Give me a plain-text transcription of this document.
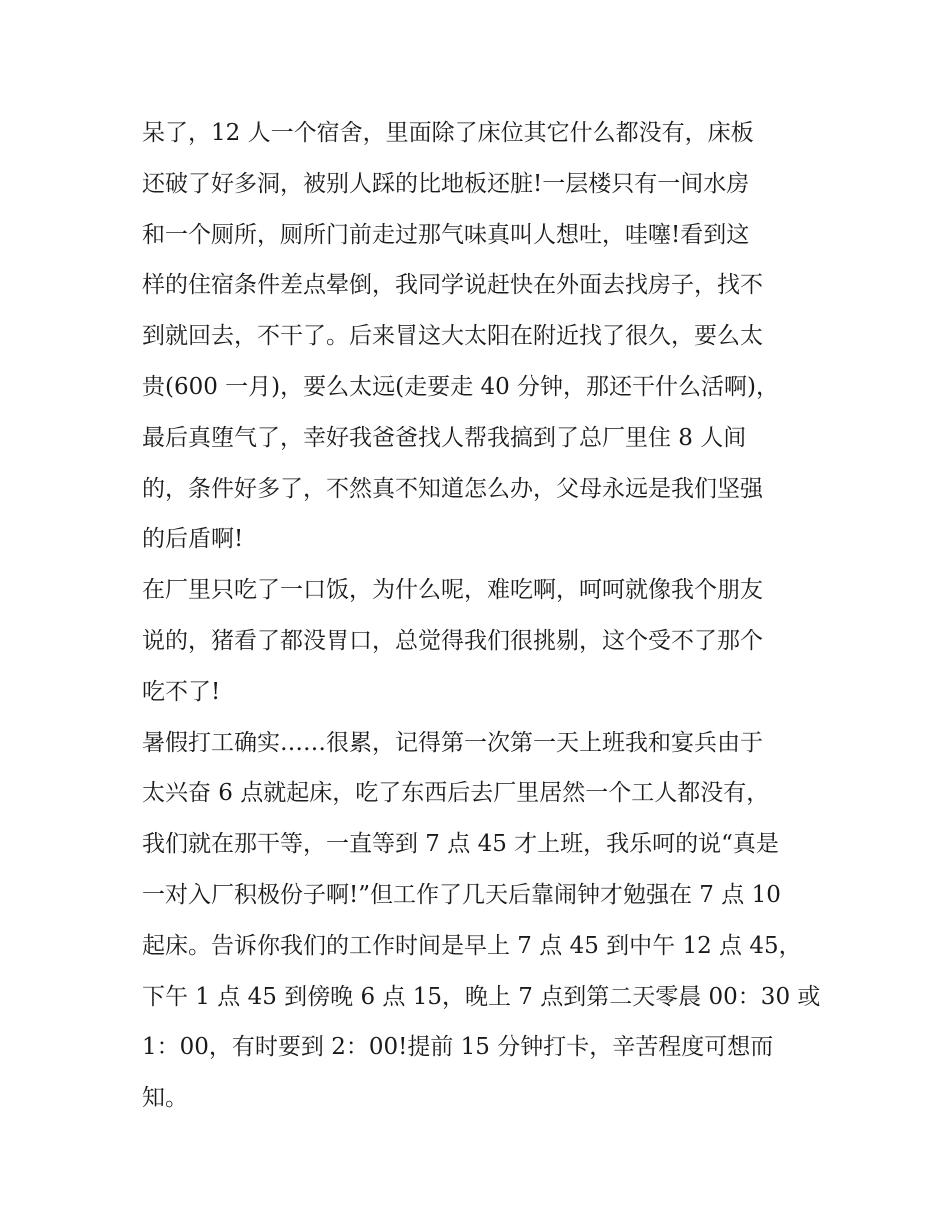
呆了，12 人一个宿舍，里面除了床位其它什么都没有，床板
还破了好多洞，被别人踩的比地板还脏!一层楼只有一间水房
和一个厕所，厕所门前走过那气味真叫人想吐，哇噻!看到这
样的住宿条件差点晕倒，我同学说赶快在外面去找房子，找不
到就回去，不干了。后来冒这大太阳在附近找了很久，要么太
贵(600 一月)，要么太远(走要走 40 分钟，那还干什么活啊)，
最后真堕气了，幸好我爸爸找人帮我搞到了总厂里住 8 人间
的，条件好多了，不然真不知道怎么办，父母永远是我们坚强
的后盾啊!
在厂里只吃了一口饭，为什么呢，难吃啊，呵呵就像我个朋友
说的，猪看了都没胃口，总觉得我们很挑剔，这个受不了那个
吃不了!
暑假打工确实……很累，记得第一次第一天上班我和宴兵由于
太兴奋 6 点就起床，吃了东西后去厂里居然一个工人都没有，
我们就在那干等，一直等到 7 点 45 才上班，我乐呵的说“真是
一对入厂积极份子啊!”但工作了几天后靠闹钟才勉强在 7 点 10
起床。告诉你我们的工作时间是早上 7 点 45 到中午 12 点 45，
下午 1 点 45 到傍晚 6 点 15，晚上 7 点到第二天零晨 00：30 或
1：00，有时要到 2：00!提前 15 分钟打卡，辛苦程度可想而
知。
